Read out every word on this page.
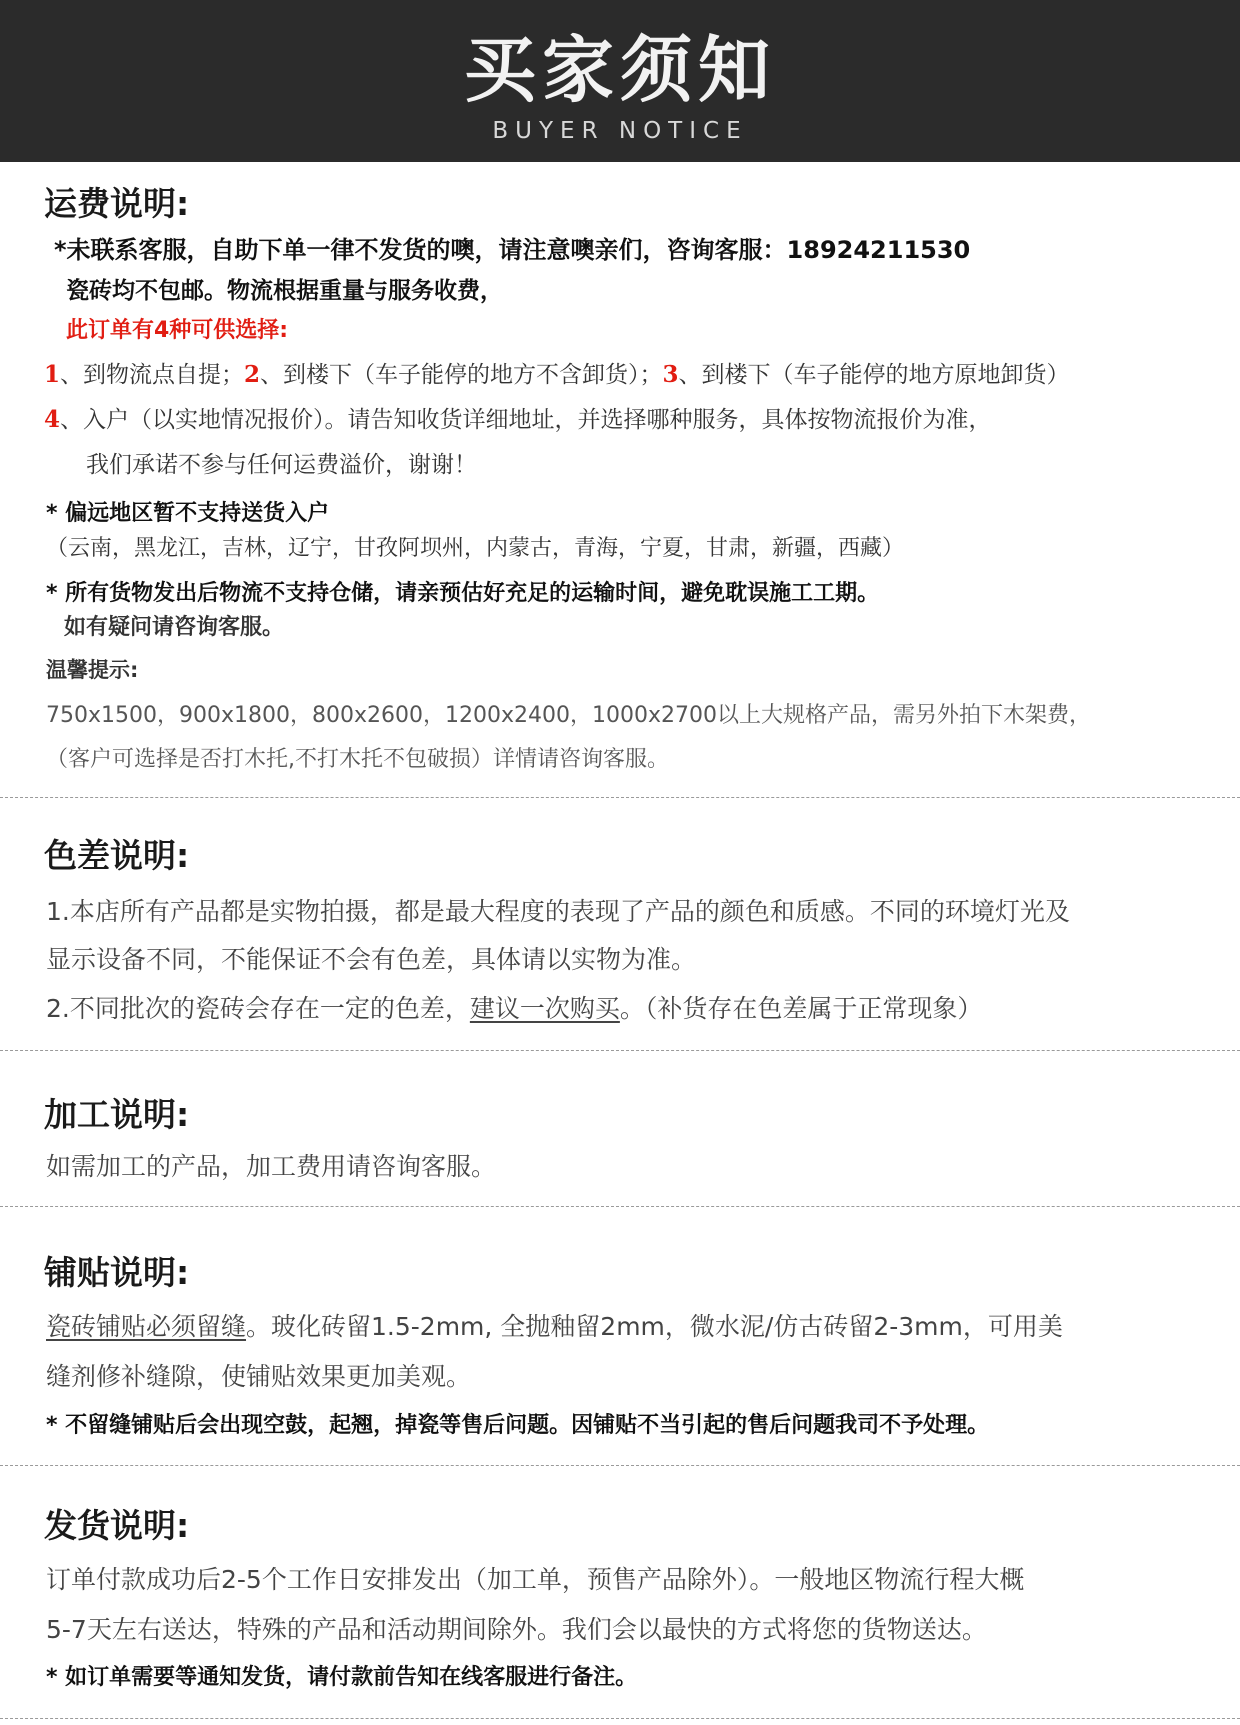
买家须知
BUYER NOTICE
运费说明:
*未联系客服，自助下单一律不发货的噢，请注意噢亲们，咨询客服：18924211530
瓷砖均不包邮。物流根据重量与服务收费，
此订单有4种可供选择:
1、到物流点自提；2、到楼下（车子能停的地方不含卸货）；3、到楼下（车子能停的地方原地卸货）
4、入户（以实地情况报价）。请告知收货详细地址，并选择哪种服务，具体按物流报价为准，
我们承诺不参与任何运费溢价，谢谢！
* 偏远地区暂不支持送货入户
（云南，黑龙江，吉林，辽宁，甘孜阿坝州，内蒙古，青海，宁夏，甘肃，新疆，西藏）
* 所有货物发出后物流不支持仓储，请亲预估好充足的运输时间，避免耽误施工工期。
如有疑问请咨询客服。
温馨提示:
750x1500，900x1800，800x2600，1200x2400，1000x2700以上大规格产品，需另外拍下木架费，
（客户可选择是否打木托,不打木托不包破损）详情请咨询客服。
色差说明:
1.本店所有产品都是实物拍摄，都是最大程度的表现了产品的颜色和质感。不同的环境灯光及
显示设备不同，不能保证不会有色差，具体请以实物为准。
2.不同批次的瓷砖会存在一定的色差，建议一次购买。（补货存在色差属于正常现象）
加工说明:
如需加工的产品，加工费用请咨询客服。
铺贴说明:
瓷砖铺贴必须留缝。玻化砖留1.5-2mm, 全抛釉留2mm，微水泥/仿古砖留2-3mm，可用美
缝剂修补缝隙，使铺贴效果更加美观。
* 不留缝铺贴后会出现空鼓，起翘，掉瓷等售后问题。因铺贴不当引起的售后问题我司不予处理。
发货说明:
订单付款成功后2-5个工作日安排发出（加工单，预售产品除外）。一般地区物流行程大概
5-7天左右送达，特殊的产品和活动期间除外。我们会以最快的方式将您的货物送达。
* 如订单需要等通知发货，请付款前告知在线客服进行备注。
